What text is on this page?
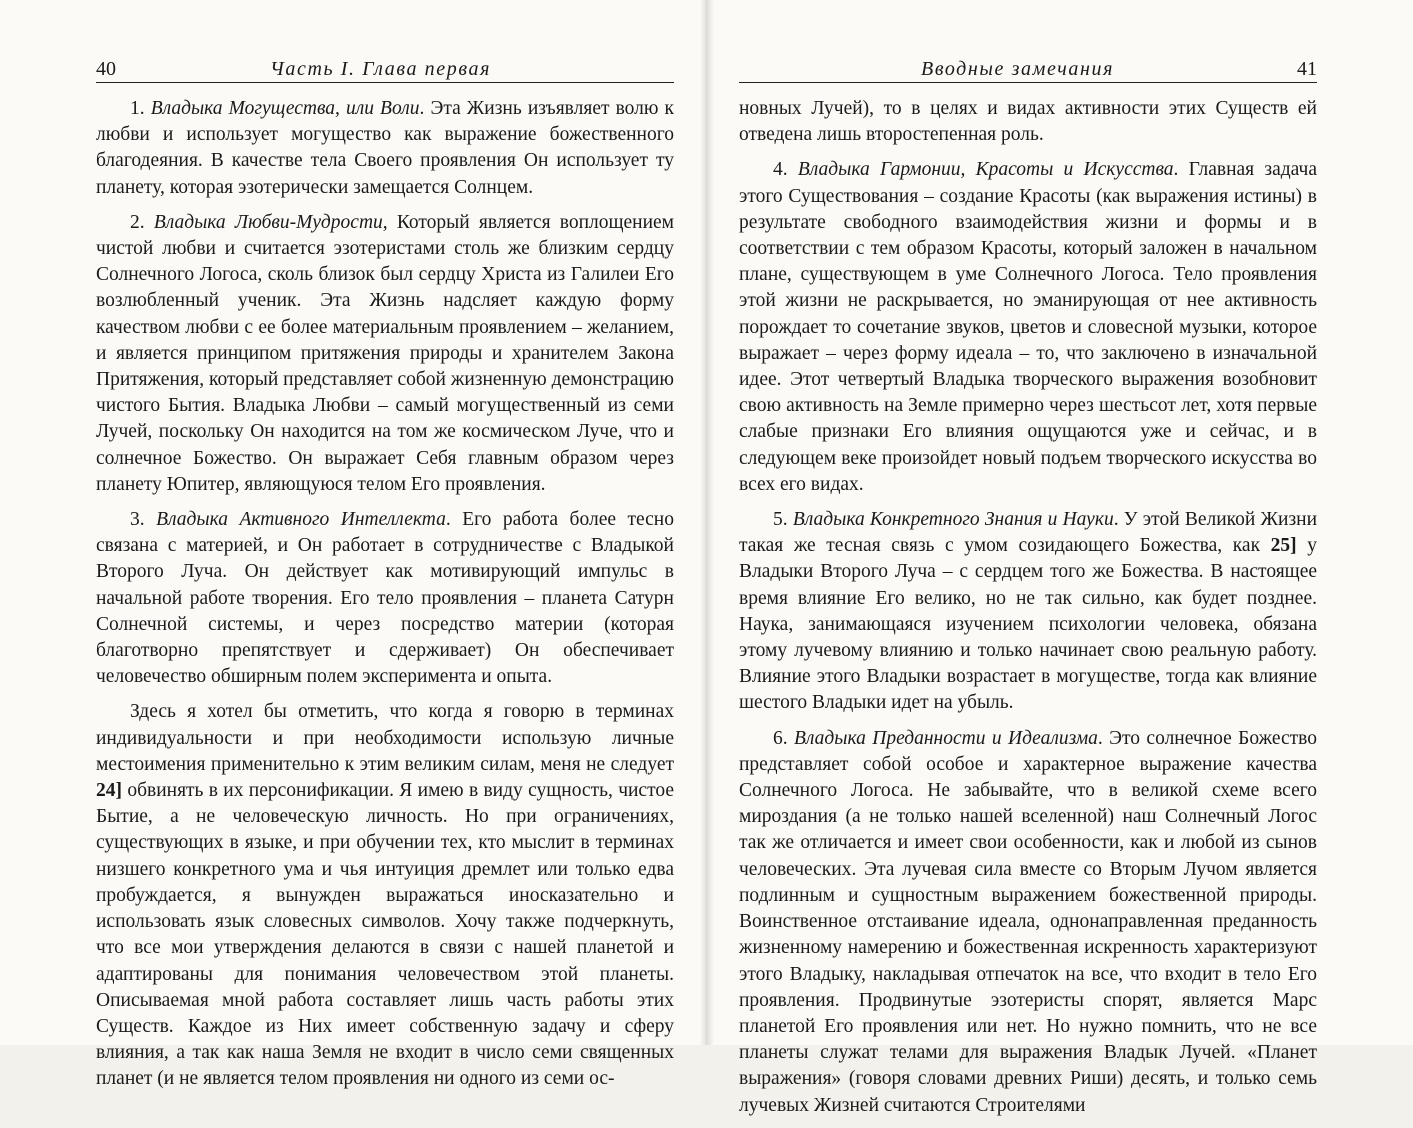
40	Часть I. Глава первая

1. Владыка Могущества, или Воли. Эта Жизнь изъявляет волю к любви и использует могущество как выражение божественного благодеяния. В качестве тела Своего проявления Он использует ту планету, которая эзотерически замещается Солнцем.

2. Владыка Любви-Мудрости, Который является воплощением чистой любви и считается эзотеристами столь же близким сердцу Солнечного Логоса, сколь близок был сердцу Христа из Галилеи Его возлюбленный ученик. Эта Жизнь надсляет каждую форму качеством любви с ее более материальным проявлением – желанием, и является принципом притяжения природы и хранителем Закона Притяжения, который представляет собой жизненную демонстрацию чистого Бытия. Владыка Любви – самый могущественный из семи Лучей, поскольку Он находится на том же космическом Луче, что и солнечное Божество. Он выражает Себя главным образом через планету Юпитер, являющуюся телом Его проявления.

3. Владыка Активного Интеллекта. Его работа более тесно связана с материей, и Он работает в сотрудничестве с Владыкой Второго Луча. Он действует как мотивирующий импульс в начальной работе творения. Его тело проявления – планета Сатурн Солнечной системы, и через посредство материи (которая благотворно препятствует и сдерживает) Он обеспечивает человечество обширным полем эксперимента и опыта.

Здесь я хотел бы отметить, что когда я говорю в терминах индивидуальности и при необходимости использую личные местоимения применительно к этим великим силам, меня не следует 24] обвинять в их персонификации. Я имею в виду сущность, чистое Бытие, а не человеческую личность. Но при ограничениях, существующих в языке, и при обучении тех, кто мыслит в терминах низшего конкретного ума и чья интуиция дремлет или только едва пробуждается, я вынужден выражаться иносказательно и использовать язык словесных символов. Хочу также подчеркнуть, что все мои утверждения делаются в связи с нашей планетой и адаптированы для понимания человечеством этой планеты. Описываемая мной работа составляет лишь часть работы этих Существ. Каждое из Них имеет собственную задачу и сферу влияния, а так как наша Земля не входит в число семи священных планет (и не является телом проявления ни одного из семи ос-

Вводные замечания	41

новных Лучей), то в целях и видах активности этих Существ ей отведена лишь второстепенная роль.

4. Владыка Гармонии, Красоты и Искусства. Главная задача этого Существования – создание Красоты (как выражения истины) в результате свободного взаимодействия жизни и формы и в соответствии с тем образом Красоты, который заложен в начальном плане, существующем в уме Солнечного Логоса. Тело проявления этой жизни не раскрывается, но эманирующая от нее активность порождает то сочетание звуков, цветов и словесной музыки, которое выражает – через форму идеала – то, что заключено в изначальной идее. Этот четвертый Владыка творческого выражения возобновит свою активность на Земле примерно через шестьсот лет, хотя первые слабые признаки Его влияния ощущаются уже и сейчас, и в следующем веке произойдет новый подъем творческого искусства во всех его видах.

5. Владыка Конкретного Знания и Науки. У этой Великой Жизни такая же тесная связь с умом созидающего Божества, как 25] у Владыки Второго Луча – с сердцем того же Божества. В настоящее время влияние Его велико, но не так сильно, как будет позднее. Наука, занимающаяся изучением психологии человека, обязана этому лучевому влиянию и только начинает свою реальную работу. Влияние этого Владыки возрастает в могуществе, тогда как влияние шестого Владыки идет на убыль.

6. Владыка Преданности и Идеализма. Это солнечное Божество представляет собой особое и характерное выражение качества Солнечного Логоса. Не забывайте, что в великой схеме всего мироздания (а не только нашей вселенной) наш Солнечный Логос так же отличается и имеет свои особенности, как и любой из сынов человеческих. Эта лучевая сила вместе со Вторым Лучом является подлинным и сущностным выражением божественной природы. Воинственное отстаивание идеала, однонаправленная преданность жизненному намерению и божественная искренность характеризуют этого Владыку, накладывая отпечаток на все, что входит в тело Его проявления. Продвинутые эзотеристы спорят, является Марс планетой Его проявления или нет. Но нужно помнить, что не все планеты служат телами для выражения Владык Лучей. «Планет выражения» (говоря словами древних Риши) десять, и только семь лучевых Жизней считаются Строителями
